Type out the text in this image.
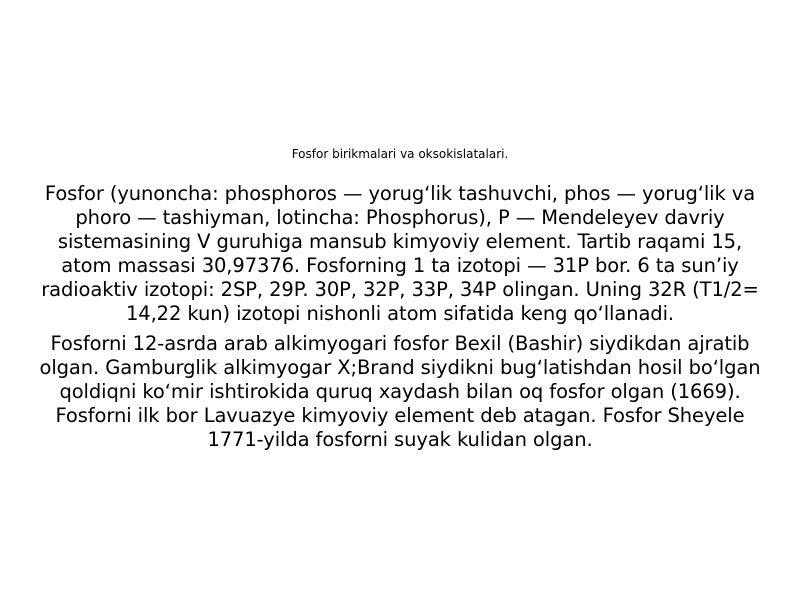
Fosfor birikmalari va oksokislatalari.

Fosfor (yunoncha: phosphoros — yorugʻlik tashuvchi, phos — yorugʻlik va phoro — tashiyman, lotincha: Phosphorus), P — Mendeleyev davriy sistemasining V guruhiga mansub kimyoviy element. Tartib raqami 15, atom massasi 30,97376. Fosforning 1 ta izotopi — 31P bor. 6 ta sun’iy radioaktiv izotopi: 2SP, 29P. 30P, 32P, 33P, 34P olingan. Uning 32R (T1/2= 14,22 kun) izotopi nishonli atom sifatida keng qoʻllanadi.

Fosforni 12-asrda arab alkimyogari fosfor Bexil (Bashir) siydikdan ajratib olgan. Gamburglik alkimyogar X;Brand siydikni bugʻlatishdan hosil boʻlgan qoldiqni koʻmir ishtirokida quruq xaydash bilan oq fosfor olgan (1669). Fosforni ilk bor Lavuazye kimyoviy element deb atagan. Fosfor Sheyele 1771-yilda fosforni suyak kulidan olgan.
